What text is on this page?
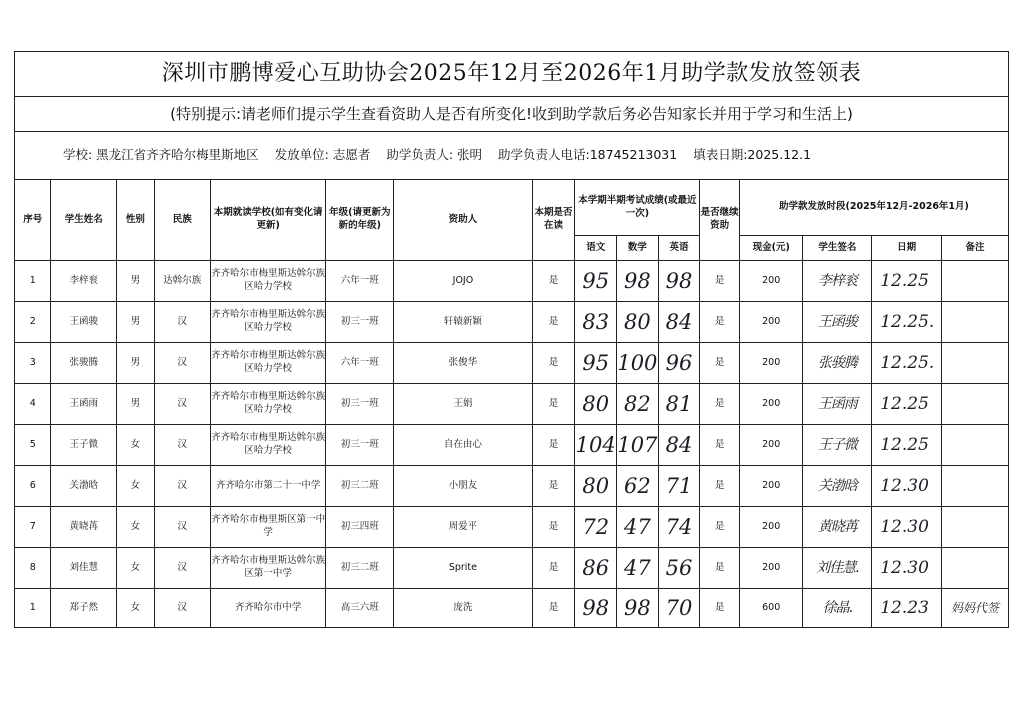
深圳市鹏博爱心互助协会2025年12月至2026年1月助学款发放签领表															
(特别提示:请老师们提示学生查看资助人是否有所变化!收到助学款后务必告知家长并用于学习和生活上)															
学校: 黑龙江省齐齐哈尔梅里斯地区 发放单位: 志愿者 助学负责人: 张明 助学负责人电话:18745213031 填表日期:2025.12.1															
序号	学生姓名	性别	民族	本期就读学校(如有变化请更新)	年级(请更新为新的年级)	资助人	本期是否在读	本学期半期考试成绩(或最近一次)			是否继续资助	助学款发放时段(2025年12月-2026年1月)			
								语文	数学	英语		现金(元)	学生签名	日期	备注
1	李梓衮	男	达斡尔族	齐齐哈尔市梅里斯达斡尔族区哈力学校	六年一班	JOJO	是	95	98	98	是	200	李梓衮	12.25	
2	王函骏	男	汉	齐齐哈尔市梅里斯达斡尔族区哈力学校	初三一班	轩辕新颖	是	83	80	84	是	200	王函骏	12.25.	
3	张骏腾	男	汉	齐齐哈尔市梅里斯达斡尔族区哈力学校	六年一班	张俊华	是	95	100	96	是	200	张骏腾	12.25.	
4	王函雨	男	汉	齐齐哈尔市梅里斯达斡尔族区哈力学校	初三一班	王娟	是	80	82	81	是	200	王函雨	12.25	
5	王子微	女	汉	齐齐哈尔市梅里斯达斡尔族区哈力学校	初三一班	自在由心	是	104	107	84	是	200	王子微	12.25	
6	关渤晗	女	汉	齐齐哈尔市第二十一中学	初三二班	小朋友	是	80	62	71	是	200	关渤晗	12.30	
7	黄晓苒	女	汉	齐齐哈尔市梅里斯区第一中学	初三四班	周爱平	是	72	47	74	是	200	黄晓苒	12.30	
8	刘佳慧	女	汉	齐齐哈尔市梅里斯达斡尔族区第一中学	初三二班	Sprite	是	86	47	56	是	200	刘佳慧.	12.30	
1	郑子然	女	汉	齐齐哈尔市中学	高三六班	庞洗	是	98	98	70	是	600	徐晶.	12.23	妈妈代签
